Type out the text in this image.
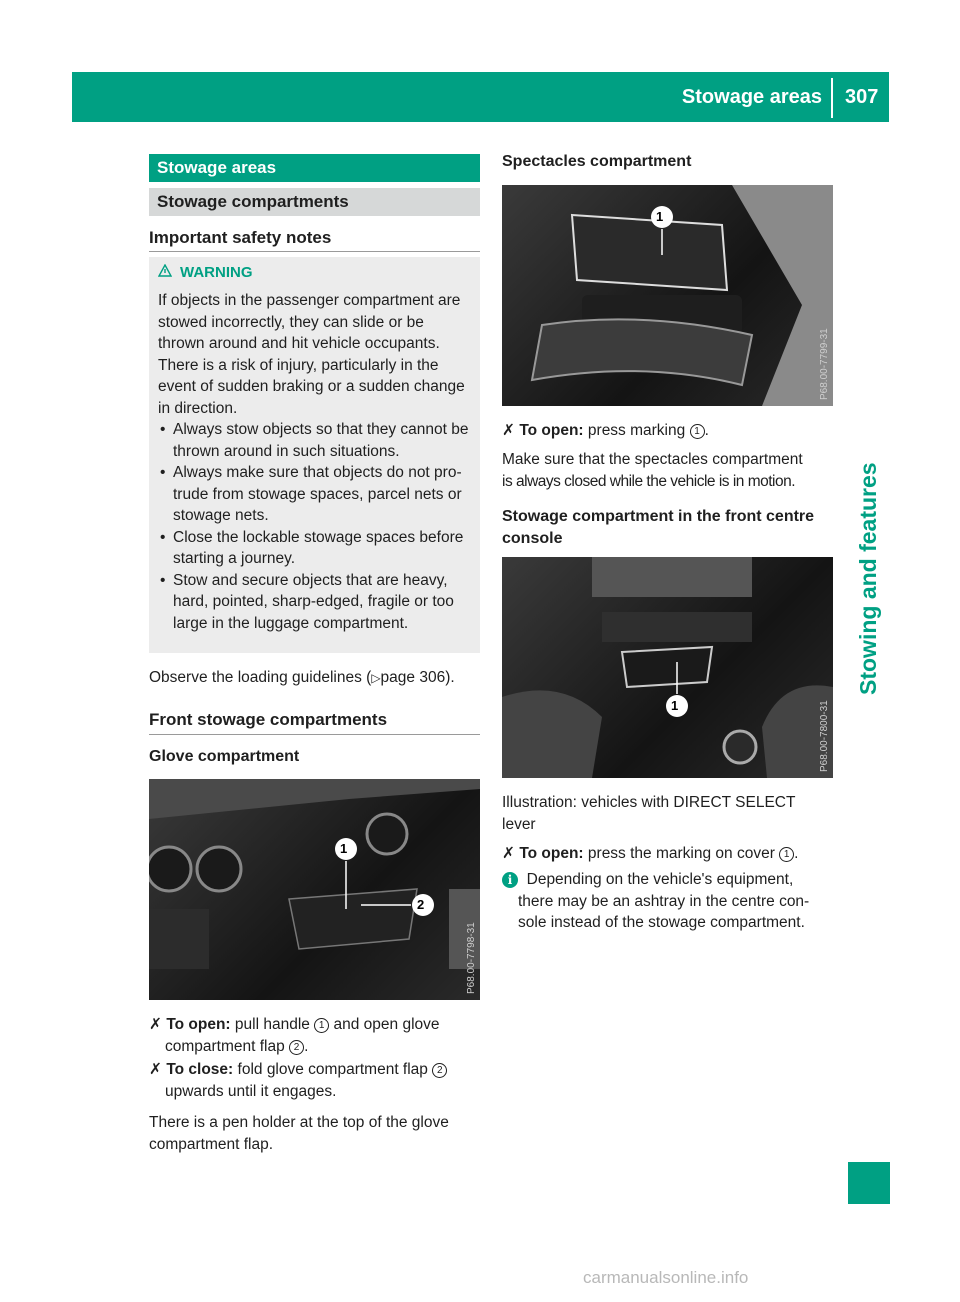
Stowage areas 307
Stowing and features
Stowage areas
Stowage compartments
Important safety notes
WARNING
If objects in the passenger compartment are
stowed incorrectly, they can slide or be
thrown around and hit vehicle occupants.
There is a risk of injury, particularly in the
event of sudden braking or a sudden change
in direction.
• Always stow objects so that they cannot be
thrown around in such situations.
• Always make sure that objects do not pro-
trude from stowage spaces, parcel nets or
stowage nets.
• Close the lockable stowage spaces before
starting a journey.
• Stow and secure objects that are heavy,
hard, pointed, sharp-edged, fragile or too
large in the luggage compartment.
Observe the loading guidelines (▷page 306).
Front stowage compartments
Glove compartment
1
2
P68.00-7798-31
✗ To open: pull handle 1 and open glove
compartment flap 2 .
✗ To close: fold glove compartment flap 2
upwards until it engages.
There is a pen holder at the top of the glove
compartment flap.
Spectacles compartment
1
P68.00-7799-31
✗ To open: press marking 1 .
Make sure that the spectacles compartment
is always closed while the vehicle is in motion.
Stowage compartment in the front centre
console
1	P68.00-7800-31
Illustration: vehicles with DIRECT SELECT
lever
✗ To open: press the marking on cover 1 .
i Depending on the vehicle's equipment,
there may be an ashtray in the centre con-
sole instead of the stowage compartment.
carmanualsonline.info
